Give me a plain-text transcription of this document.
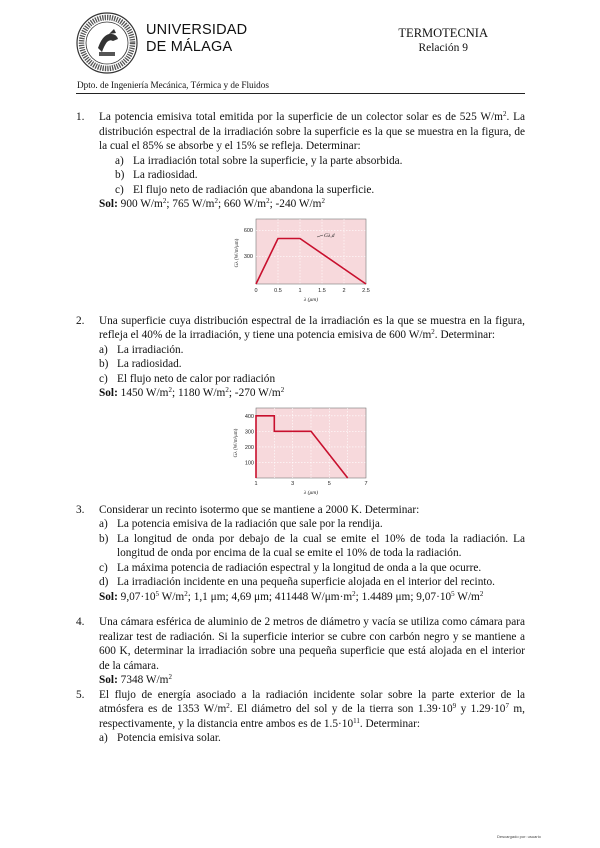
UNIVERSIDAD
DE MÁLAGA
TERMOTECNIA
Relación 9
Dpto. de Ingeniería Mecánica, Térmica y de Fluidos
1. La potencia emisiva total emitida por la superficie de un colector solar es de 525 $W/m^2$. La distribución espectral de la irradiación sobre la superficie es la que se muestra en la figura, de la cual el 85% se absorbe y el 15% se refleja. Determinar:
a) La irradiación total sobre la superficie, y la parte absorbida.
b) La radiosidad.
c) El flujo neto de radiación que abandona la superficie.
Sol: 900 $W/m^2$; 765 $W/m^2$; 660 $W/m^2$; -240 $W/m^2$
Gλ,d
300
600
0	0.5	1	1.5	2	2.5
λ (μm)
Gλ (W/m²μm)
2. Una superficie cuya distribución espectral de la irradiación es la que se muestra en la figura, refleja el 40% de la irradiación, y tiene una potencia emisiva de 600 $W/m^2$. Determinar:
a) La irradiación.
b) La radiosidad.
c) El flujo neto de calor por radiación
Sol: 1450 $W/m^2$; 1180 $W/m^2$; -270 $W/m^2$
100
200
300
400
1	3	5	7
λ (μm)
Gλ (W/m²μm)
3. Considerar un recinto isotermo que se mantiene a 2000 K. Determinar:
a) La potencia emisiva de la radiación que sale por la rendija.
b) La longitud de onda por debajo de la cual se emite el 10% de toda la radiación. La longitud de onda por encima de la cual se emite el 10% de toda la radiación.
c) La máxima potencia de radiación espectral y la longitud de onda a la que ocurre.
d) La irradiación incidente en una pequeña superficie alojada en el interior del recinto.
Sol: $9,07\cdot 10^5$ $W/m^2$; 1,1 μm; 4,69 μm; 411448 $W/\mu m\cdot m^2$; 1.4489 μm; $9,07\cdot 10^5$ $W/m^2$
4. Una cámara esférica de aluminio de 2 metros de diámetro y vacía se utiliza como cámara para realizar test de radiación. Si la superficie interior se cubre con carbón negro y se mantiene a 600 K, determinar la irradiación sobre una pequeña superficie que está alojada en el interior de la cámara.
Sol: 7348 $W/m^2$
5. El flujo de energía asociado a la radiación incidente solar sobre la parte exterior de la atmósfera es de 1353 $W/m^2$. El diámetro del sol y de la tierra son $1.39\cdot 10^9$ y $1.29\cdot 10^7$ m, respectivamente, y la distancia entre ambos es de $1.5\cdot 10^{11}$. Determinar:
a) Potencia emisiva solar.
Descargado por: usuario
